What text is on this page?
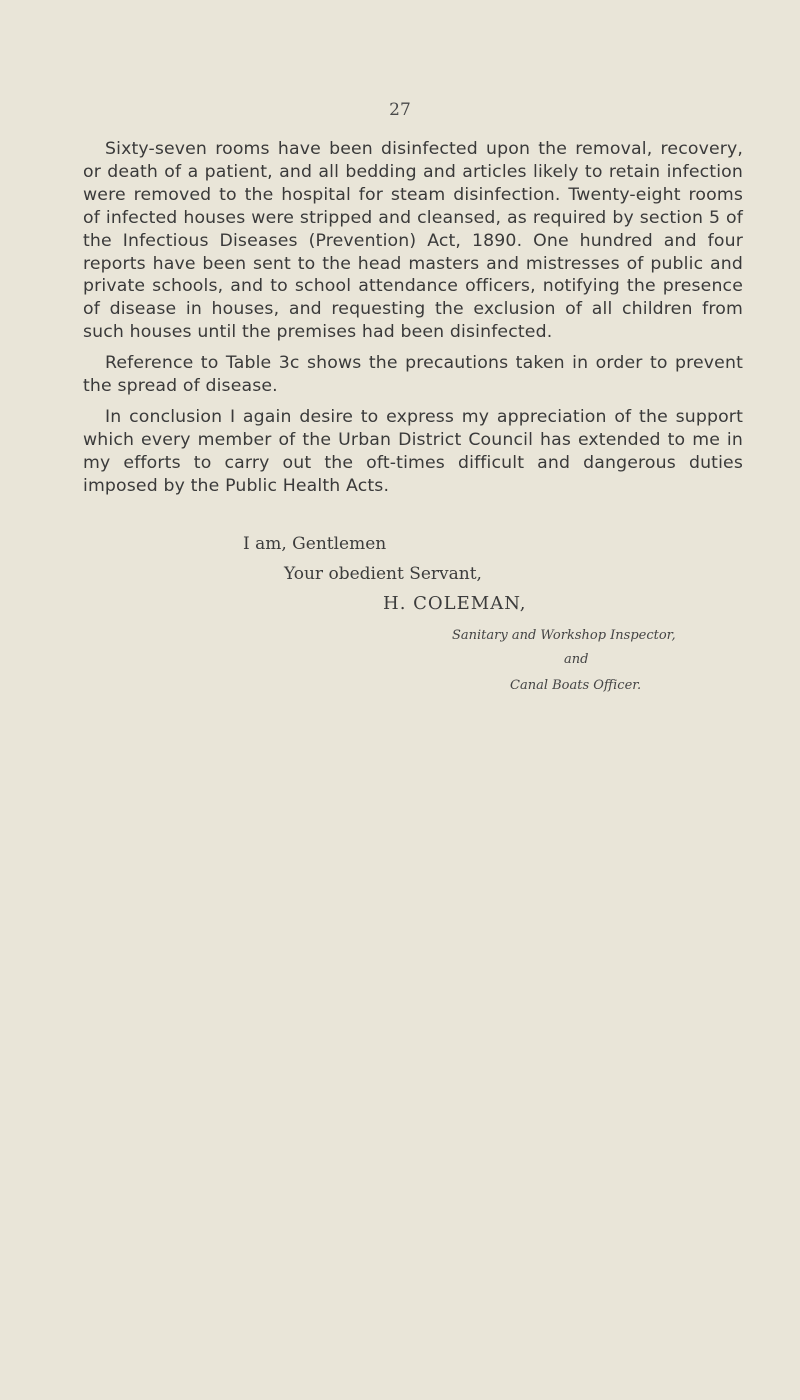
27

Sixty-seven rooms have been disinfected upon the removal, recovery, or death of a patient, and all bedding and articles likely to retain infection were removed to the hospital for steam disinfection. Twenty-eight rooms of infected houses were stripped and cleansed, as required by section 5 of the Infectious Diseases (Prevention) Act, 1890. One hundred and four reports have been sent to the head masters and mistresses of public and private schools, and to school attendance officers, notifying the presence of disease in houses, and requesting the exclusion of all children from such houses until the premises had been disinfected.

Reference to Table 3c shows the precautions taken in order to prevent the spread of disease.

In conclusion I again desire to express my appreciation of the support which every member of the Urban District Council has extended to me in my efforts to carry out the oft-times difficult and dangerous duties imposed by the Public Health Acts.

I am, Gentlemen
Your obedient Servant,
H. COLEMAN,
Sanitary and Workshop Inspector,
and
Canal Boats Officer.
